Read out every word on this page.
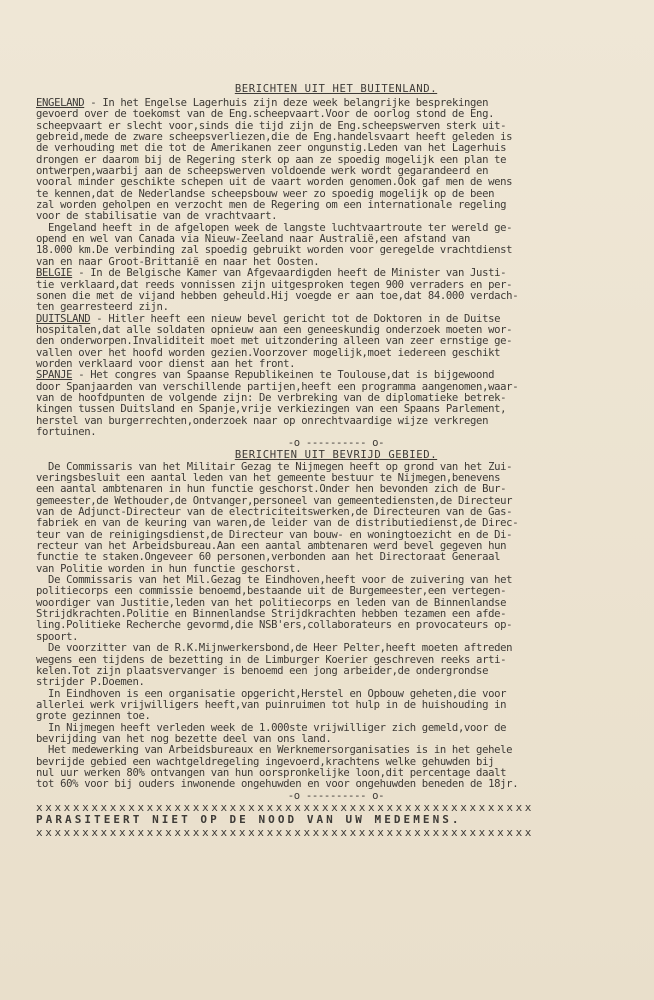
BERICHTEN UIT HET BUITENLAND.
ENGELAND - In het Engelse Lagerhuis zijn deze week belangrijke besprekingen
gevoerd over de toekomst van de Eng.scheepvaart.Voor de oorlog stond de Eng.
scheepvaart er slecht voor,sinds die tijd zijn de Eng.scheepswerven sterk uit-
gebreid,mede de zware scheepsverliezen,die de Eng.handelsvaart heeft geleden is
de verhouding met die tot de Amerikanen zeer ongunstig.Leden van het Lagerhuis
drongen er daarom bij de Regering sterk op aan ze spoedig mogelijk een plan te
ontwerpen,waarbij aan de scheepswerven voldoende werk wordt gegarandeerd en
vooral minder geschikte schepen uit de vaart worden genomen.Ook gaf men de wens
te kennen,dat de Nederlandse scheepsbouw weer zo spoedig mogelijk op de been
zal worden geholpen en verzocht men de Regering om een internationale regeling
voor de stabilisatie van de vrachtvaart.
Engeland heeft in de afgelopen week de langste luchtvaartroute ter wereld ge-
opend en wel van Canada via Nieuw-Zeeland naar Australië,een afstand van
18.000 km.De verbinding zal spoedig gebruikt worden voor geregelde vrachtdienst
van en naar Groot-Brittanië en naar het Oosten.
BELGIË - In de Belgische Kamer van Afgevaardigden heeft de Minister van Justi-
tie verklaard,dat reeds vonnissen zijn uitgesproken tegen 900 verraders en per-
sonen die met de vijand hebben geheuld.Hij voegde er aan toe,dat 84.000 verdach-
ten gearresteerd zijn.
DUITSLAND - Hitler heeft een nieuw bevel gericht tot de Doktoren in de Duitse
hospitalen,dat alle soldaten opnieuw aan een geneeskundig onderzoek moeten wor-
den onderworpen.Invaliditeit moet met uitzondering alleen van zeer ernstige ge-
vallen over het hoofd worden gezien.Voorzover mogelijk,moet iedereen geschikt
worden verklaard voor dienst aan het front.
SPANJE - Het congres van Spaanse Republikeinen te Toulouse,dat is bijgewoond
door Spanjaarden van verschillende partijen,heeft een programma aangenomen,waar-
van de hoofdpunten de volgende zijn: De verbreking van de diplomatieke betrek-
kingen tussen Duitsland en Spanje,vrije verkiezingen van een Spaans Parlement,
herstel van burgerrechten,onderzoek naar op onrechtvaardige wijze verkregen
fortuinen.
-o ---------- o-
BERICHTEN UIT BEVRIJD GEBIED.
De Commissaris van het Militair Gezag te Nijmegen heeft op grond van het Zui-
veringsbesluit een aantal leden van het gemeente bestuur te Nijmegen,benevens
een aantal ambtenaren in hun functie geschorst.Onder hen bevonden zich de Bur-
gemeester,de Wethouder,de Ontvanger,personeel van gemeentediensten,de Directeur
van de Adjunct-Directeur van de electriciteitswerken,de Directeuren van de Gas-
fabriek en van de keuring van waren,de leider van de distributiedienst,de Direc-
teur van de reinigingsdienst,de Directeur van bouw- en woningtoezicht en de Di-
recteur van het Arbeidsbureau.Aan een aantal ambtenaren werd bevel gegeven hun
functie te staken.Ongeveer 60 personen,verbonden aan het Directoraat Generaal
van Politie worden in hun functie geschorst.
De Commissaris van het Mil.Gezag te Eindhoven,heeft voor de zuivering van het
politiecorps een commissie benoemd,bestaande uit de Burgemeester,een vertegen-
woordiger van Justitie,leden van het politiecorps en leden van de Binnenlandse
Strijdkrachten.Politie en Binnenlandse Strijdkrachten hebben tezamen een afde-
ling.Politieke Recherche gevormd,die NSB'ers,collaborateurs en provocateurs op-
spoort.
De voorzitter van de R.K.Mijnwerkersbond,de Heer Pelter,heeft moeten aftreden
wegens een tijdens de bezetting in de Limburger Koerier geschreven reeks arti-
kelen.Tot zijn plaatsvervanger is benoemd een jong arbeider,de ondergrondse
strijder P.Doemen.
In Eindhoven is een organisatie opgericht,Herstel en Opbouw geheten,die voor
allerlei werk vrijwilligers heeft,van puinruimen tot hulp in de huishouding in
grote gezinnen toe.
In Nijmegen heeft verleden week de 1.000ste vrijwilliger zich gemeld,voor de
bevrijding van het nog bezette deel van ons land.
Het medewerking van Arbeidsbureaux en Werknemersorganisaties is in het gehele
bevrijde gebied een wachtgeldregeling ingevoerd,krachtens welke gehuwden bij
nul uur werken 80% ontvangen van hun oorspronkelijke loon,dit percentage daalt
tot 60% voor bij ouders inwonende ongehuwden en voor ongehuwden beneden de 18jr.
-o ---------- o-
xxxxxxxxxxxxxxxxxxxxxxxxxxxxxxxxxxxxxxxxxxxxxxxxxxxxxx
PARASITEERT NIET OP DE NOOD VAN UW MEDEMENS.
xxxxxxxxxxxxxxxxxxxxxxxxxxxxxxxxxxxxxxxxxxxxxxxxxxxxxx
